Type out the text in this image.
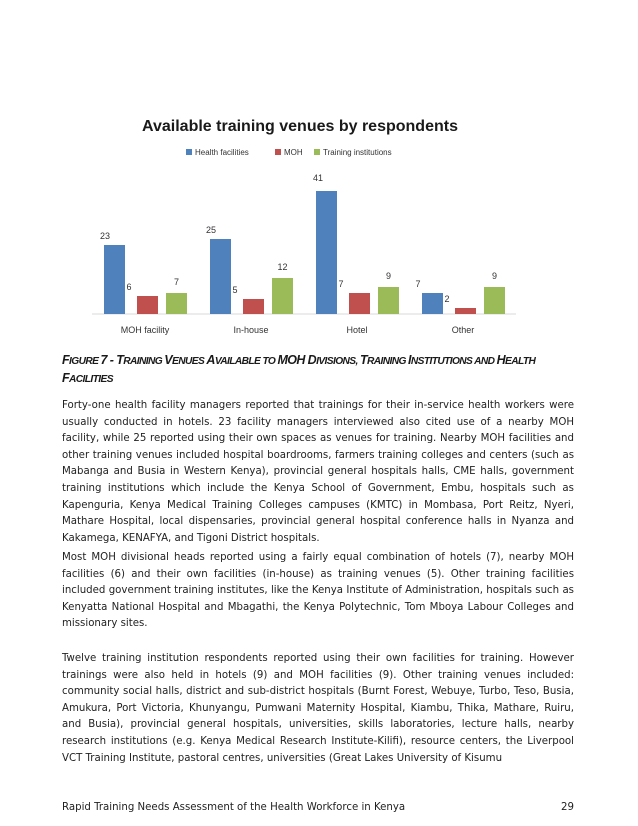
Available training venues by respondents
Health facilities	MOH	Training institutions
23
6	7
25
5
12
41
7
9
7
2
9
MOH facility	In-house	Hotel	Other
FIGURE 7 - TRAINING VENUES AVAILABLE TO MOH DIVISIONS, TRAINING INSTITUTIONS AND HEALTH FACILITIES

Forty-one health facility managers reported that trainings for their in-service health workers were usually conducted in hotels. 23 facility managers interviewed also cited use of a nearby MOH facility, while 25 reported using their own spaces as venues for training. Nearby MOH facilities and other training venues included hospital boardrooms, farmers training colleges and centers (such as Mabanga and Busia in Western Kenya), provincial general hospitals halls, CME halls, government training institutions which include the Kenya School of Government, Embu, hospitals such as Kapenguria, Kenya Medical Training Colleges campuses (KMTC) in Mombasa, Port Reitz, Nyeri, Mathare Hospital, local dispensaries, provincial general hospital conference halls in Nyanza and Kakamega, KENAFYA, and Tigoni District hospitals.

Most MOH divisional heads reported using a fairly equal combination of hotels (7), nearby MOH facilities (6) and their own facilities (in-house) as training venues (5). Other training facilities included government training institutes, like the Kenya Institute of Administration, hospitals such as Kenyatta National Hospital and Mbagathi, the Kenya Polytechnic, Tom Mboya Labour Colleges and missionary sites.

Twelve training institution respondents reported using their own facilities for training. However trainings were also held in hotels (9) and MOH facilities (9). Other training venues included: community social halls, district and sub-district hospitals (Burnt Forest, Webuye, Turbo, Teso, Busia, Amukura, Port Victoria, Khunyangu, Pumwani Maternity Hospital, Kiambu, Thika, Mathare, Ruiru, and Busia), provincial general hospitals, universities, skills laboratories, lecture halls, nearby research institutions (e.g. Kenya Medical Research Institute-Kilifi), resource centers, the Liverpool VCT Training Institute, pastoral centres, universities (Great Lakes University of Kisumu

Rapid Training Needs Assessment of the Health Workforce in Kenya	29
